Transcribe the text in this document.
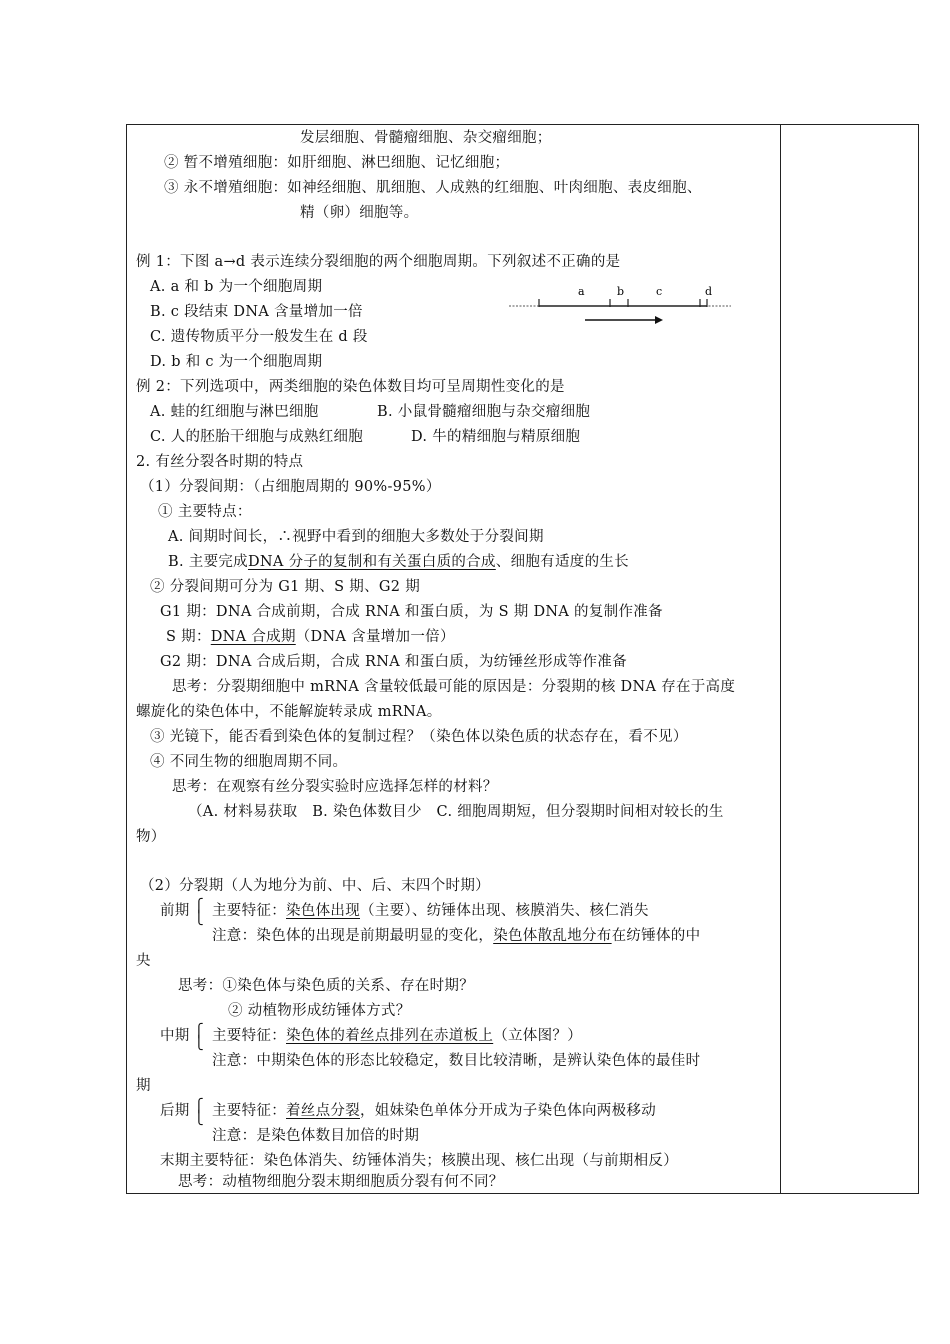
发层细胞、骨髓瘤细胞、杂交瘤细胞；
② 暂不增殖细胞：如肝细胞、淋巴细胞、记忆细胞；
③ 永不增殖细胞：如神经细胞、肌细胞、人成熟的红细胞、叶肉细胞、表皮细胞、
精（卵）细胞等。
例 1：下图 a→d 表示连续分裂细胞的两个细胞周期。下列叙述不正确的是
A. a 和 b 为一个细胞周期
B. c 段结束 DNA 含量增加一倍
C. 遗传物质平分一般发生在 d 段
D. b 和 c 为一个细胞周期
a	b	c	d
例 2：下列选项中，两类细胞的染色体数目均可呈周期性变化的是
A. 蛙的红细胞与淋巴细胞	B. 小鼠骨髓瘤细胞与杂交瘤细胞
C. 人的胚胎干细胞与成熟红细胞	D. 牛的精细胞与精原细胞
2. 有丝分裂各时期的特点
（1）分裂间期：（占细胞周期的 90%-95%）
① 主要特点：
A. 间期时间长，∴视野中看到的细胞大多数处于分裂间期
B. 主要完成DNA 分子的复制和有关蛋白质的合成、细胞有适度的生长
② 分裂间期可分为 G1 期、S 期、G2 期
G1 期：DNA 合成前期，合成 RNA 和蛋白质，为 S 期 DNA 的复制作准备
S 期：DNA 合成期（DNA 含量增加一倍）
G2 期：DNA 合成后期，合成 RNA 和蛋白质，为纺锤丝形成等作准备
思考：分裂期细胞中 mRNA 含量较低最可能的原因是：分裂期的核 DNA 存在于高度
螺旋化的染色体中，不能解旋转录成 mRNA。
③ 光镜下，能否看到染色体的复制过程？（染色体以染色质的状态存在，看不见）
④ 不同生物的细胞周期不同。
思考：在观察有丝分裂实验时应选择怎样的材料？
（A. 材料易获取　B. 染色体数目少　C. 细胞周期短，但分裂期时间相对较长的生
物）
（2）分裂期（人为地分为前、中、后、末四个时期）
前期 ⎧
⎩ 主要特征：染色体出现（主要）、纺锤体出现、核膜消失、核仁消失
注意：染色体的出现是前期最明显的变化，染色体散乱地分布在纺锤体的中
央
思考：①染色体与染色质的关系、存在时期？
② 动植物形成纺锤体方式？
中期 ⎧
⎩ 主要特征：染色体的着丝点排列在赤道板上（立体图？）
注意：中期染色体的形态比较稳定，数目比较清晰，是辨认染色体的最佳时
期
后期 ⎧
⎩ 主要特征：着丝点分裂，姐妹染色单体分开成为子染色体向两极移动
注意：是染色体数目加倍的时期
末期主要特征：染色体消失、纺锤体消失；核膜出现、核仁出现（与前期相反）
思考：动植物细胞分裂末期细胞质分裂有何不同？
